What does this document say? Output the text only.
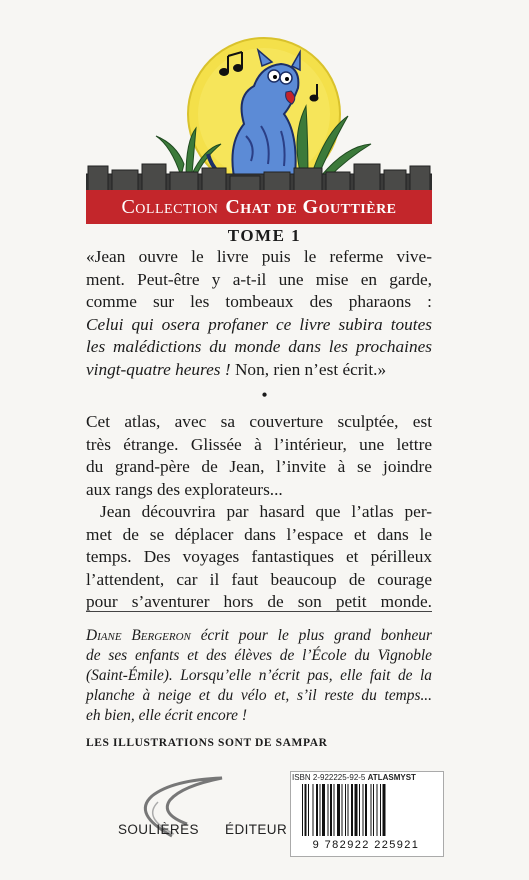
Collection Chat de Gouttière
TOME 1
«Jean ouvre le livre puis le referme vive-
ment. Peut-être y a-t-il une mise en garde,
comme sur les tombeaux des pharaons :
Celui qui osera profaner ce livre subira toutes
les malédictions du monde dans les prochaines
vingt-quatre heures ! Non, rien n’est écrit.»
•
Cet atlas, avec sa couverture sculptée, est
très étrange. Glissée à l’intérieur, une lettre
du grand-père de Jean, l’invite à se joindre
aux rangs des explorateurs...
Jean découvrira par hasard que l’atlas per-
met de se déplacer dans l’espace et dans le
temps. Des voyages fantastiques et périlleux
l’attendent, car il faut beaucoup de courage
pour s’aventurer hors de son petit monde.
Diane Bergeron écrit pour le plus grand bonheur
de ses enfants et des élèves de l’École du Vignoble
(Saint-Émile). Lorsqu’elle n’écrit pas, elle fait de la
planche à neige et du vélo et, s’il reste du temps...
eh bien, elle écrit encore !
LES ILLUSTRATIONS SONT DE SAMPAR
SOULIÈRES ÉDITEUR
ISBN 2-922225-92-5 ATLASMYST
9 782922 225921
